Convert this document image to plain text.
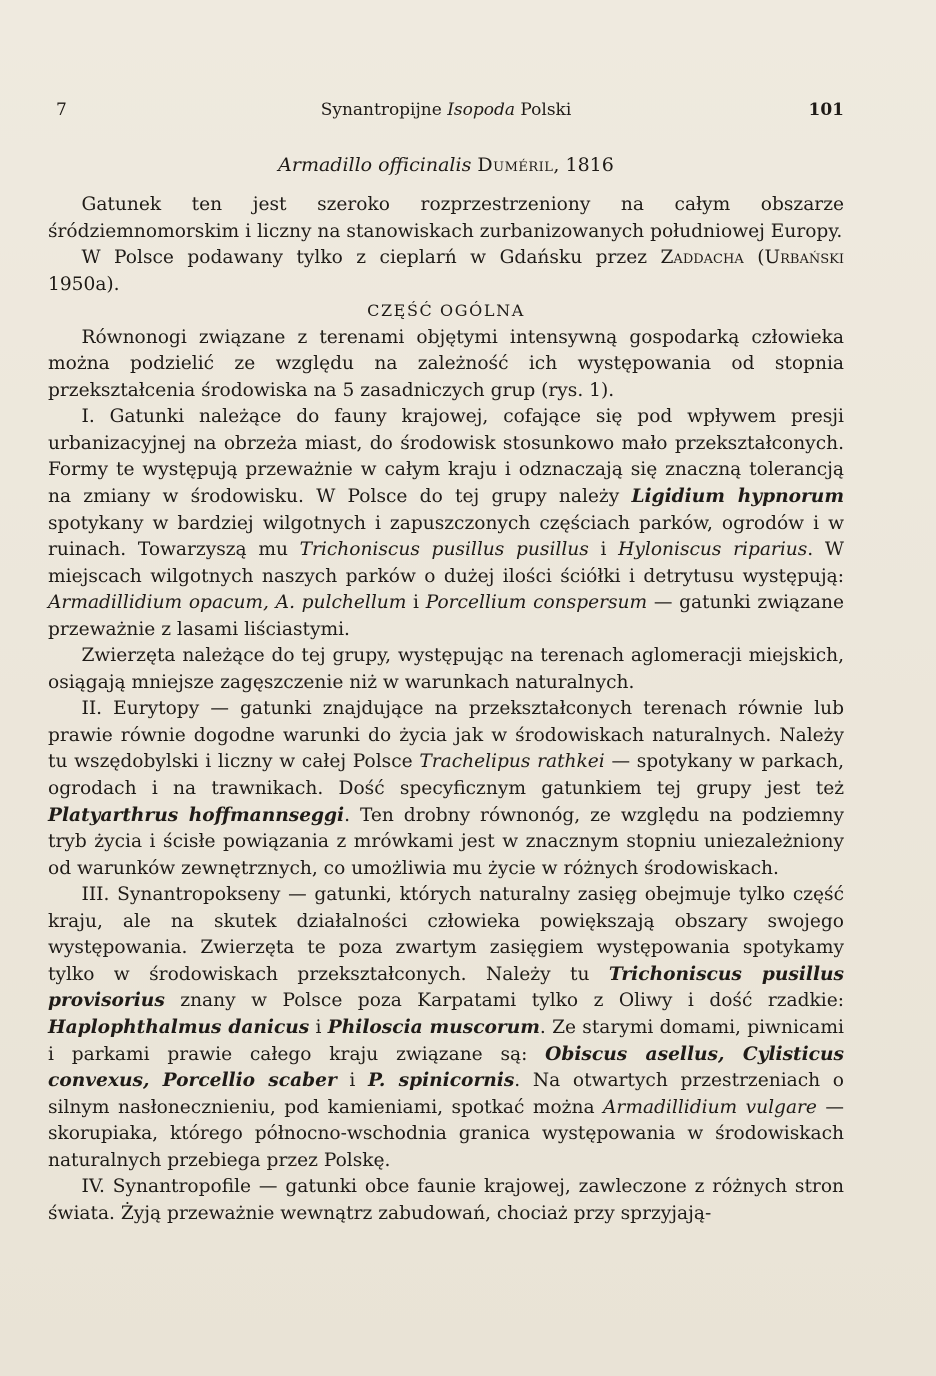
7	Synantropijne Isopoda Polski	101
Armadillo officinalis Duméril, 1816

Gatunek ten jest szeroko rozprzestrzeniony na całym obszarze śródziemnomorskim i liczny na stanowiskach zurbanizowanych południowej Europy.

W Polsce podawany tylko z cieplarń w Gdańsku przez Zaddacha (Urbański 1950a).

CZĘŚĆ OGÓLNA

Równonogi związane z terenami objętymi intensywną gospodarką człowieka można podzielić ze względu na zależność ich występowania od stopnia przekształcenia środowiska na 5 zasadniczych grup (rys. 1).

I. Gatunki należące do fauny krajowej, cofające się pod wpływem presji urbanizacyjnej na obrzeża miast, do środowisk stosunkowo mało przekształconych. Formy te występują przeważnie w całym kraju i odznaczają się znaczną tolerancją na zmiany w środowisku. W Polsce do tej grupy należy Ligidium hypnorum spotykany w bardziej wilgotnych i zapuszczonych częściach parków, ogrodów i w ruinach. Towarzyszą mu Trichoniscus pusillus pusillus i Hyloniscus riparius. W miejscach wilgotnych naszych parków o dużej ilości ściółki i detrytusu występują: Armadillidium opacum, A. pulchellum i Porcellium conspersum — gatunki związane przeważnie z lasami liściastymi.

Zwierzęta należące do tej grupy, występując na terenach aglomeracji miejskich, osiągają mniejsze zagęszczenie niż w warunkach naturalnych.

II. Eurytopy — gatunki znajdujące na przekształconych terenach równie lub prawie równie dogodne warunki do życia jak w środowiskach naturalnych. Należy tu wszędobylski i liczny w całej Polsce Trachelipus rathkei — spotykany w parkach, ogrodach i na trawnikach. Dość specyficznym gatunkiem tej grupy jest też Platyarthrus hoffmannseggi. Ten drobny równonóg, ze względu na podziemny tryb życia i ścisłe powiązania z mrówkami jest w znacznym stopniu uniezależniony od warunków zewnętrznych, co umożliwia mu życie w różnych środowiskach.

III. Synantropokseny — gatunki, których naturalny zasięg obejmuje tylko część kraju, ale na skutek działalności człowieka powiększają obszary swojego występowania. Zwierzęta te poza zwartym zasięgiem występowania spotykamy tylko w środowiskach przekształconych. Należy tu Trichoniscus pusillus provisorius znany w Polsce poza Karpatami tylko z Oliwy i dość rzadkie: Haplophthalmus danicus i Philoscia muscorum. Ze starymi domami, piwnicami i parkami prawie całego kraju związane są: Obiscus asellus, Cylisticus convexus, Porcellio scaber i P. spinicornis. Na otwartych przestrzeniach o silnym nasłonecznieniu, pod kamieniami, spotkać można Armadillidium vulgare — skorupiaka, którego północno-wschodnia granica występowania w środowiskach naturalnych przebiega przez Polskę.

IV. Synantropofile — gatunki obce faunie krajowej, zawleczone z różnych stron świata. Żyją przeważnie wewnątrz zabudowań, chociaż przy sprzyjają-
